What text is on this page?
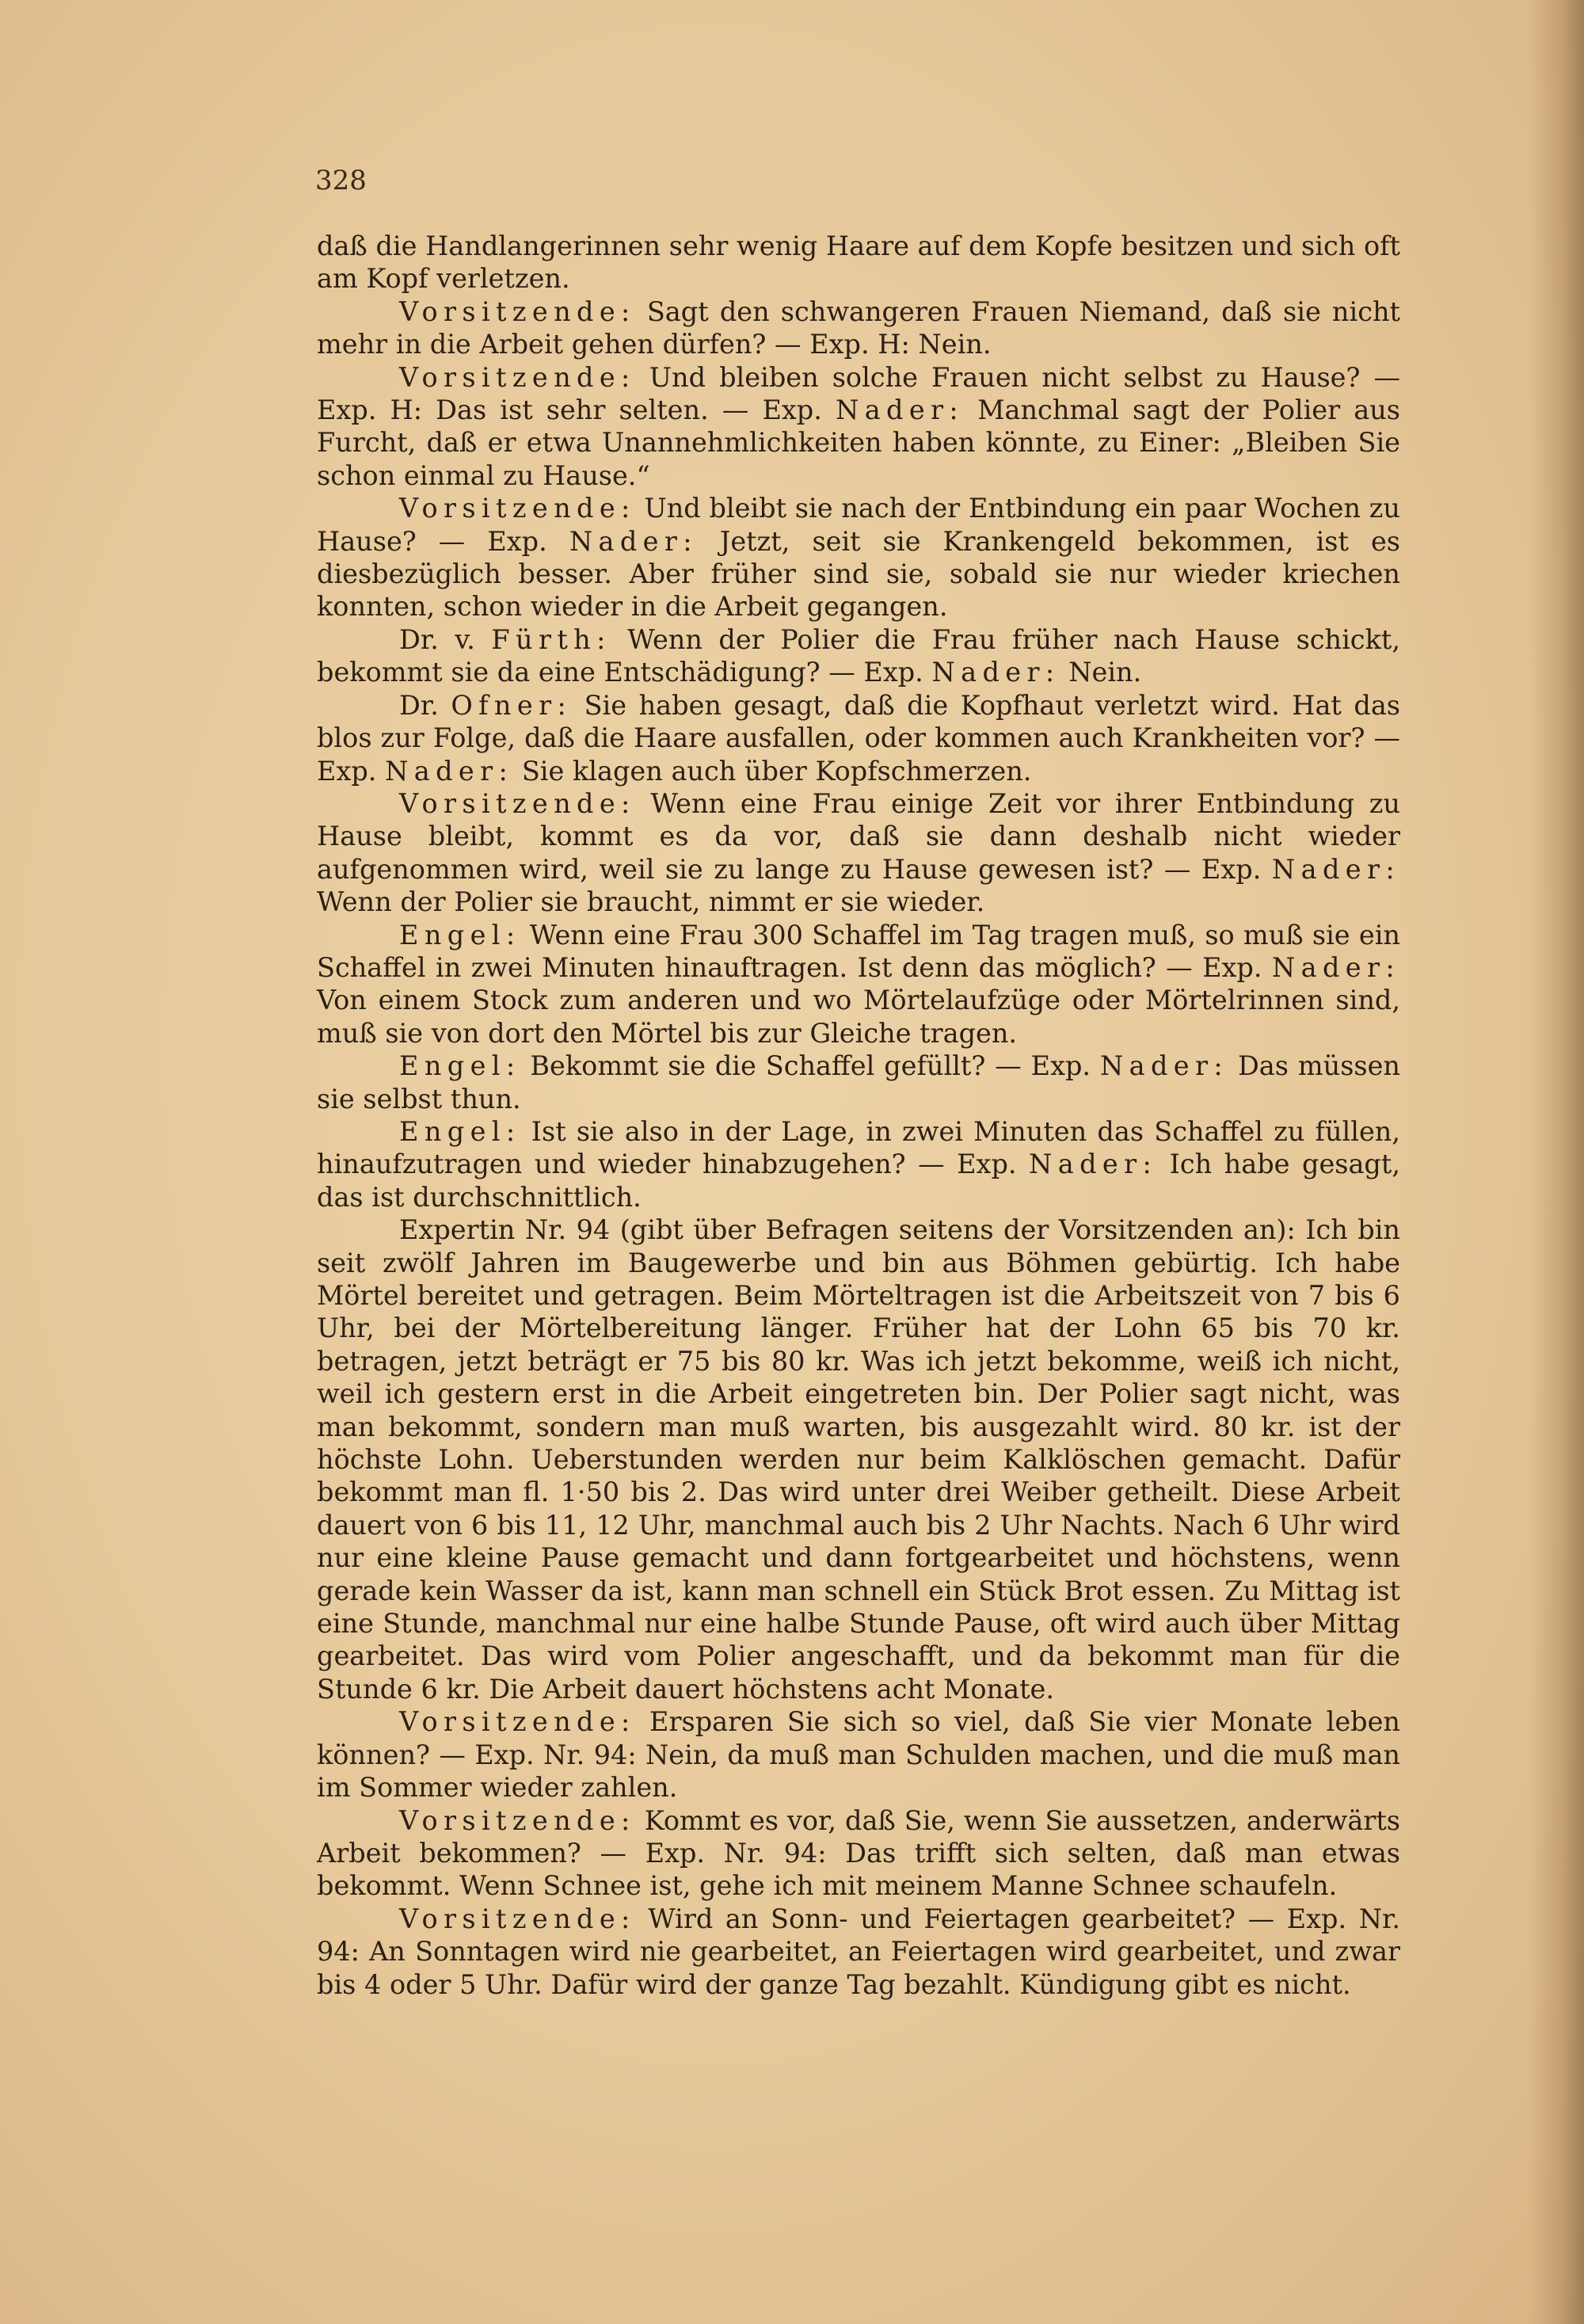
328

daß die Handlangerinnen sehr wenig Haare auf dem Kopfe besitzen und sich oft am Kopf verletzen.

Vorsitzende: Sagt den schwangeren Frauen Niemand, daß sie nicht mehr in die Arbeit gehen dürfen? — Exp. H: Nein.

Vorsitzende: Und bleiben solche Frauen nicht selbst zu Hause? — Exp. H: Das ist sehr selten. — Exp. Nader: Manchmal sagt der Polier aus Furcht, daß er etwa Unannehmlichkeiten haben könnte, zu Einer: „Bleiben Sie schon einmal zu Hause.“

Vorsitzende: Und bleibt sie nach der Entbindung ein paar Wochen zu Hause? — Exp. Nader: Jetzt, seit sie Krankengeld bekommen, ist es diesbezüglich besser. Aber früher sind sie, sobald sie nur wieder kriechen konnten, schon wieder in die Arbeit gegangen.

Dr. v. Fürth: Wenn der Polier die Frau früher nach Hause schickt, bekommt sie da eine Entschädigung? — Exp. Nader: Nein.

Dr. Ofner: Sie haben gesagt, daß die Kopfhaut verletzt wird. Hat das blos zur Folge, daß die Haare ausfallen, oder kommen auch Krankheiten vor? — Exp. Nader: Sie klagen auch über Kopfschmerzen.

Vorsitzende: Wenn eine Frau einige Zeit vor ihrer Entbindung zu Hause bleibt, kommt es da vor, daß sie dann deshalb nicht wieder aufgenommen wird, weil sie zu lange zu Hause gewesen ist? — Exp. Nader: Wenn der Polier sie braucht, nimmt er sie wieder.

Engel: Wenn eine Frau 300 Schaffel im Tag tragen muß, so muß sie ein Schaffel in zwei Minuten hinauftragen. Ist denn das möglich? — Exp. Nader: Von einem Stock zum anderen und wo Mörtelaufzüge oder Mörtelrinnen sind, muß sie von dort den Mörtel bis zur Gleiche tragen.

Engel: Bekommt sie die Schaffel gefüllt? — Exp. Nader: Das müssen sie selbst thun.

Engel: Ist sie also in der Lage, in zwei Minuten das Schaffel zu füllen, hinaufzutragen und wieder hinabzugehen? — Exp. Nader: Ich habe gesagt, das ist durchschnittlich.

Expertin Nr. 94 (gibt über Befragen seitens der Vorsitzenden an): Ich bin seit zwölf Jahren im Baugewerbe und bin aus Böhmen gebürtig. Ich habe Mörtel bereitet und getragen. Beim Mörteltragen ist die Arbeitszeit von 7 bis 6 Uhr, bei der Mörtelbereitung länger. Früher hat der Lohn 65 bis 70 kr. betragen, jetzt beträgt er 75 bis 80 kr. Was ich jetzt bekomme, weiß ich nicht, weil ich gestern erst in die Arbeit eingetreten bin. Der Polier sagt nicht, was man bekommt, sondern man muß warten, bis ausgezahlt wird. 80 kr. ist der höchste Lohn. Ueberstunden werden nur beim Kalklöschen gemacht. Dafür bekommt man fl. 1·50 bis 2. Das wird unter drei Weiber getheilt. Diese Arbeit dauert von 6 bis 11, 12 Uhr, manchmal auch bis 2 Uhr Nachts. Nach 6 Uhr wird nur eine kleine Pause gemacht und dann fortgearbeitet und höchstens, wenn gerade kein Wasser da ist, kann man schnell ein Stück Brot essen. Zu Mittag ist eine Stunde, manchmal nur eine halbe Stunde Pause, oft wird auch über Mittag gearbeitet. Das wird vom Polier angeschafft, und da bekommt man für die Stunde 6 kr. Die Arbeit dauert höchstens acht Monate.

Vorsitzende: Ersparen Sie sich so viel, daß Sie vier Monate leben können? — Exp. Nr. 94: Nein, da muß man Schulden machen, und die muß man im Sommer wieder zahlen.

Vorsitzende: Kommt es vor, daß Sie, wenn Sie aussetzen, anderwärts Arbeit bekommen? — Exp. Nr. 94: Das trifft sich selten, daß man etwas bekommt. Wenn Schnee ist, gehe ich mit meinem Manne Schnee schaufeln.

Vorsitzende: Wird an Sonn- und Feiertagen gearbeitet? — Exp. Nr. 94: An Sonntagen wird nie gearbeitet, an Feiertagen wird gearbeitet, und zwar bis 4 oder 5 Uhr. Dafür wird der ganze Tag bezahlt. Kündigung gibt es nicht.
